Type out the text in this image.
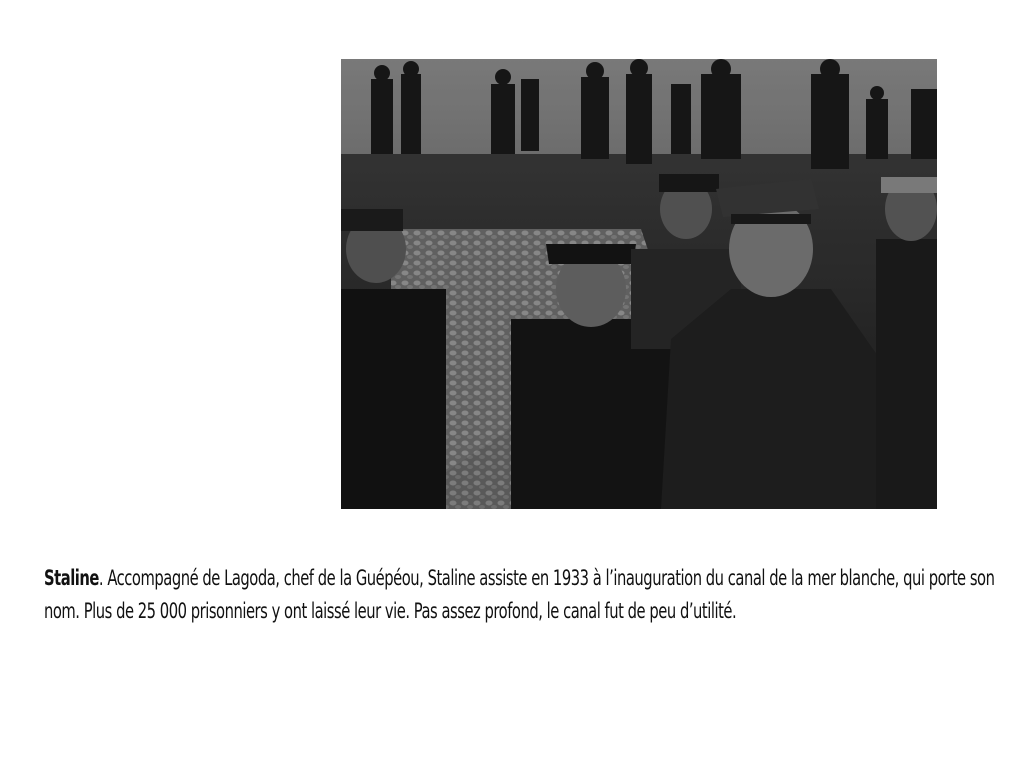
Staline. Accompagné de Lagoda, chef de la Guépéou, Staline assiste en 1933 à l’inauguration du canal de la mer blanche, qui porte son nom. Plus de 25 000 prisonniers y ont laissé leur vie. Pas assez profond, le canal fut de peu d’utilité.
